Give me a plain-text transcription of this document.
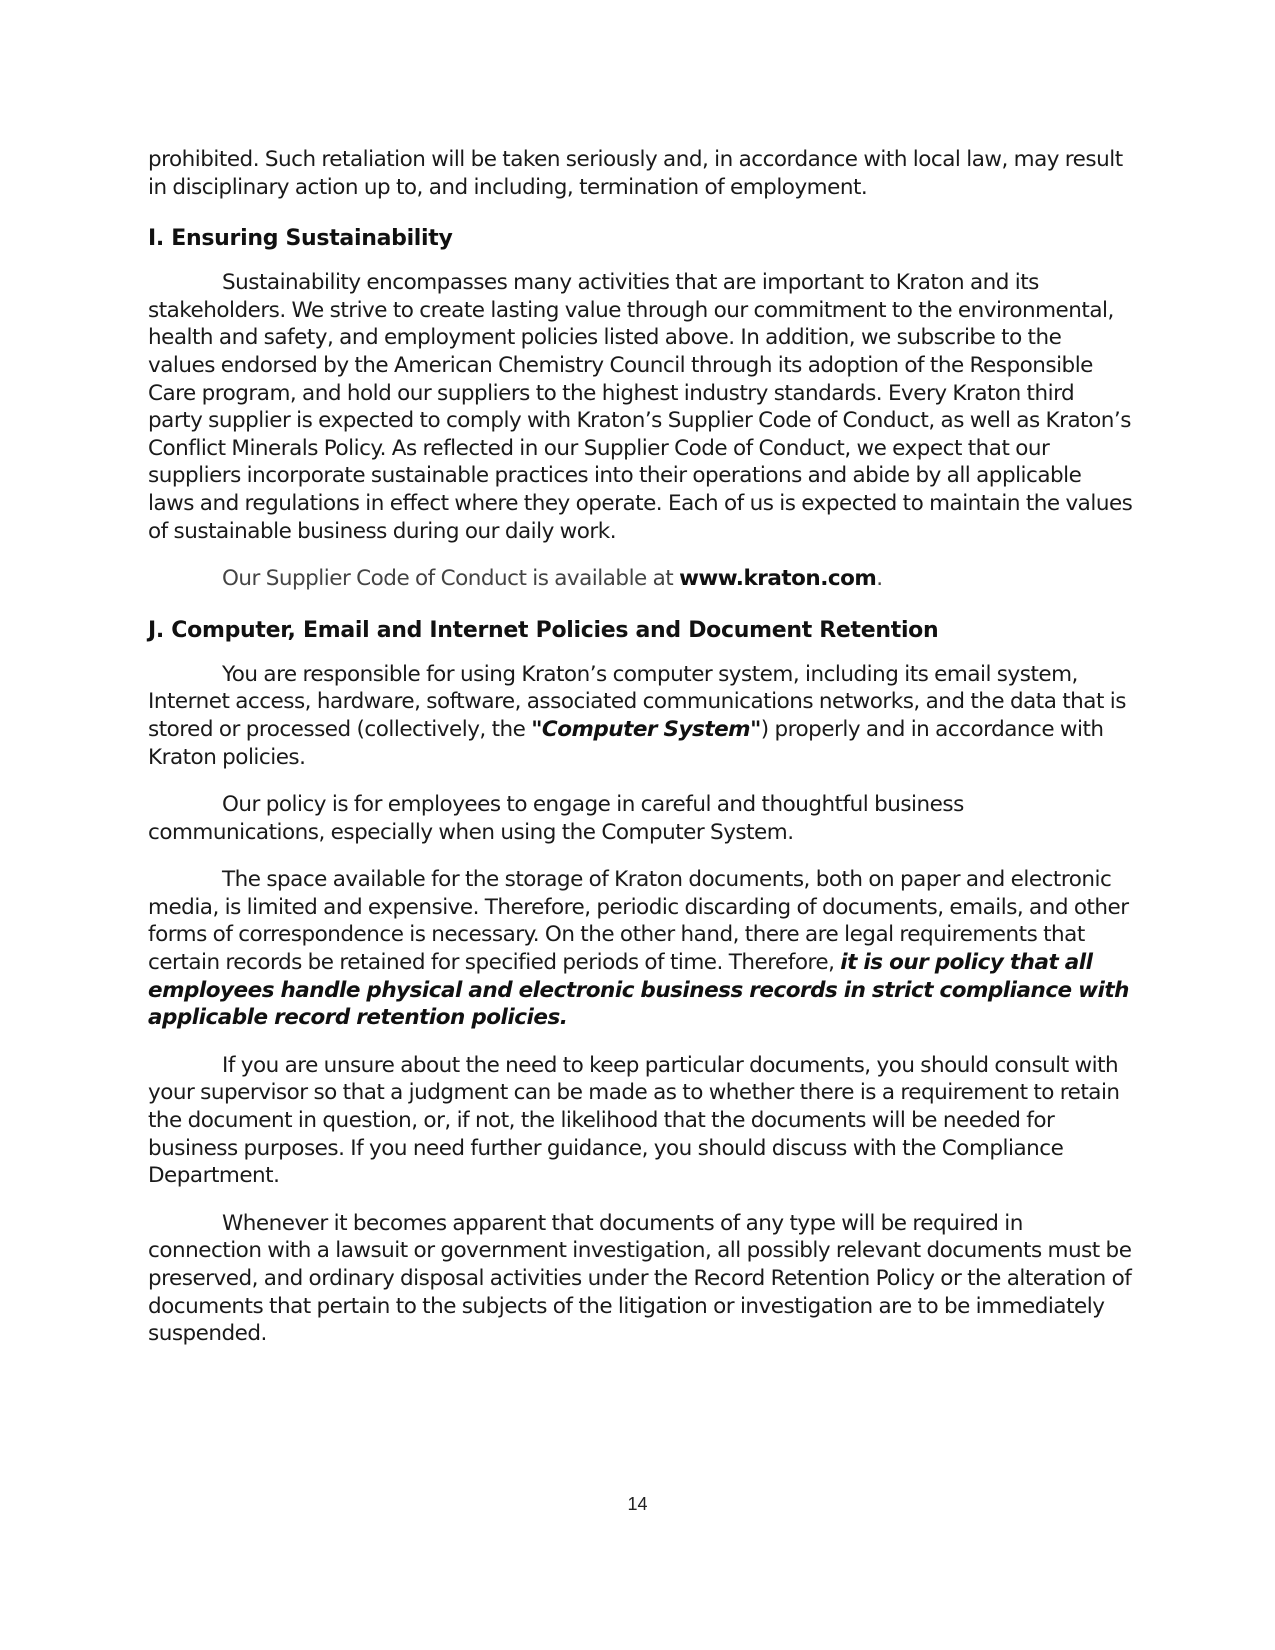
prohibited. Such retaliation will be taken seriously and, in accordance with local law, may result in disciplinary action up to, and including, termination of employment.

I. Ensuring Sustainability

Sustainability encompasses many activities that are important to Kraton and its stakeholders. We strive to create lasting value through our commitment to the environmental, health and safety, and employment policies listed above. In addition, we subscribe to the values endorsed by the American Chemistry Council through its adoption of the Responsible Care program, and hold our suppliers to the highest industry standards. Every Kraton third party supplier is expected to comply with Kraton’s Supplier Code of Conduct, as well as Kraton’s Conflict Minerals Policy. As reflected in our Supplier Code of Conduct, we expect that our suppliers incorporate sustainable practices into their operations and abide by all applicable laws and regulations in effect where they operate. Each of us is expected to maintain the values of sustainable business during our daily work.

Our Supplier Code of Conduct is available at www.kraton.com.

J. Computer, Email and Internet Policies and Document Retention

You are responsible for using Kraton’s computer system, including its email system, Internet access, hardware, software, associated communications networks, and the data that is stored or processed (collectively, the "Computer System") properly and in accordance with Kraton policies.

Our policy is for employees to engage in careful and thoughtful business communications, especially when using the Computer System.

The space available for the storage of Kraton documents, both on paper and electronic media, is limited and expensive. Therefore, periodic discarding of documents, emails, and other forms of correspondence is necessary. On the other hand, there are legal requirements that certain records be retained for specified periods of time. Therefore, it is our policy that all employees handle physical and electronic business records in strict compliance with applicable record retention policies.

If you are unsure about the need to keep particular documents, you should consult with your supervisor so that a judgment can be made as to whether there is a requirement to retain the document in question, or, if not, the likelihood that the documents will be needed for business purposes. If you need further guidance, you should discuss with the Compliance Department.

Whenever it becomes apparent that documents of any type will be required in connection with a lawsuit or government investigation, all possibly relevant documents must be preserved, and ordinary disposal activities under the Record Retention Policy or the alteration of documents that pertain to the subjects of the litigation or investigation are to be immediately suspended.

14
